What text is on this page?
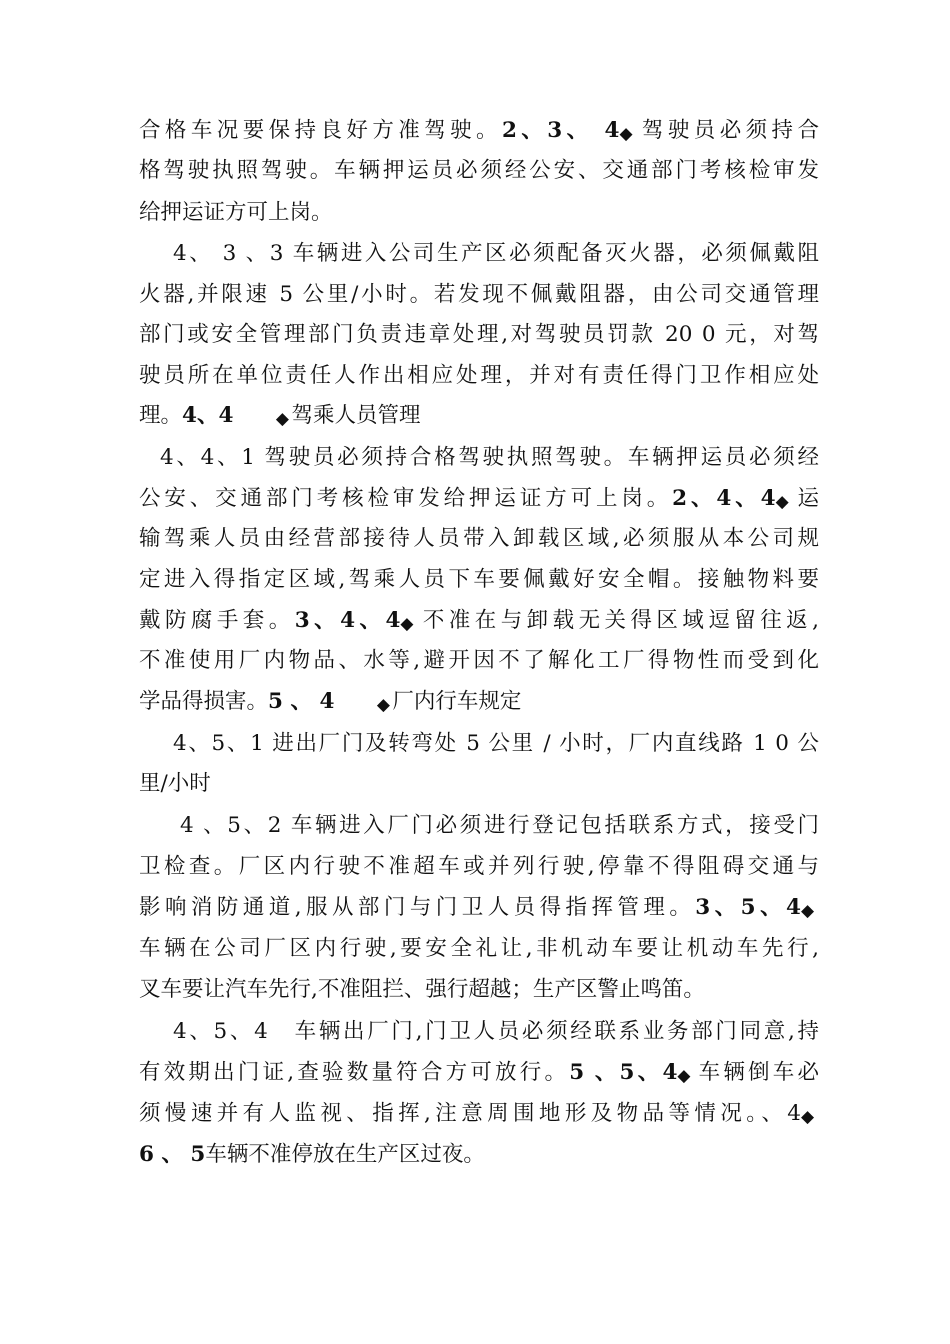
合格车况要保持良好方准驾驶。2、3、 4◆ 驾驶员必须持合
格驾驶执照驾驶。车辆押运员必须经公安、交通部门考核检审发
给押运证方可上岗。
4、 3 、3 车辆进入公司生产区必须配备灭火器，必须佩戴阻
火器,并限速 5 公里/小时。若发现不佩戴阻器，由公司交通管理
部门或安全管理部门负责违章处理,对驾驶员罚款 20 0 元，对驾
驶员所在单位责任人作出相应处理，并对有责任得门卫作相应处
理。4、4 ◆ 驾乘人员管理
4、4、1 驾驶员必须持合格驾驶执照驾驶。车辆押运员必须经
公安、交通部门考核检审发给押运证方可上岗。2、4、4◆ 运
输驾乘人员由经营部接待人员带入卸载区域,必须服从本公司规
定进入得指定区域,驾乘人员下车要佩戴好安全帽。接触物料要
戴防腐手套。3、4、4◆ 不准在与卸载无关得区域逗留往返,
不准使用厂内物品、水等,避开因不了解化工厂得物性而受到化
学品得损害。5 、 4 ◆ 厂内行车规定
4、5、1 进出厂门及转弯处 5 公里 / 小时，厂内直线路 1 0 公
里/小时
4 、5、2 车辆进入厂门必须进行登记包括联系方式，接受门
卫检查。厂区内行驶不准超车或并列行驶,停靠不得阻碍交通与
影响消防通道,服从部门与门卫人员得指挥管理。3、5、4◆
车辆在公司厂区内行驶,要安全礼让,非机动车要让机动车先行,
叉车要让汽车先行,不准阻拦、强行超越；生产区警止鸣笛。
4、5、4　车辆出厂门,门卫人员必须经联系业务部门同意,持
有效期出门证,查验数量符合方可放行。5 、5、4◆ 车辆倒车必
须慢速并有人监视、指挥,注意周围地形及物品等情况。、4◆
6 、 5车辆不准停放在生产区过夜。
